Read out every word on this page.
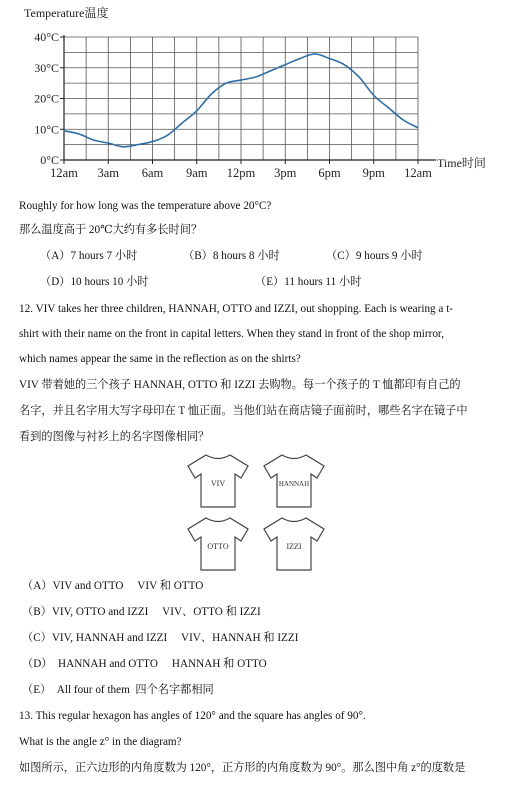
0°C
10°C
20°C
30°C
40°C
12am 3am 6am 9am 12pm 3pm 6pm 9pm 12am
Temperature温度
Time时间
Roughly for how long was the temperature above 20°C?
那么温度高于 20℃大约有多长时间？
（A）7 hours 7 小时	（B）8 hours 8 小时	（C）9 hours 9 小时
（D）10 hours 10 小时	（E）11 hours 11 小时
12. VIV takes her three children, HANNAH, OTTO and IZZI, out shopping. Each is wearing a t-
shirt with their name on the front in capital letters. When they stand in front of the shop mirror,
which names appear the same in the reflection as on the shirts?
VIV 带着她的三个孩子 HANNAH, OTTO 和 IZZI 去购物。每一个孩子的 T 恤都印有自己的
名字，并且名字用大写字母印在 T 恤正面。当他们站在商店镜子面前时，哪些名字在镜子中
看到的图像与衬衫上的名字图像相同？
VIV	HANNAH
OTTO	IZZI
（A）VIV and OTTO     VIV 和 OTTO
（B）VIV, OTTO and IZZI     VIV、OTTO 和 IZZI
（C）VIV, HANNAH and IZZI     VIV、HANNAH 和 IZZI
（D）  HANNAH and OTTO     HANNAH 和 OTTO
（E）  All four of them  四个名字都相同
13. This regular hexagon has angles of 120° and the square has angles of 90°.
What is the angle z° in the diagram?
如图所示，正六边形的内角度数为 120°，正方形的内角度数为 90°。那么图中角 z°的度数是
